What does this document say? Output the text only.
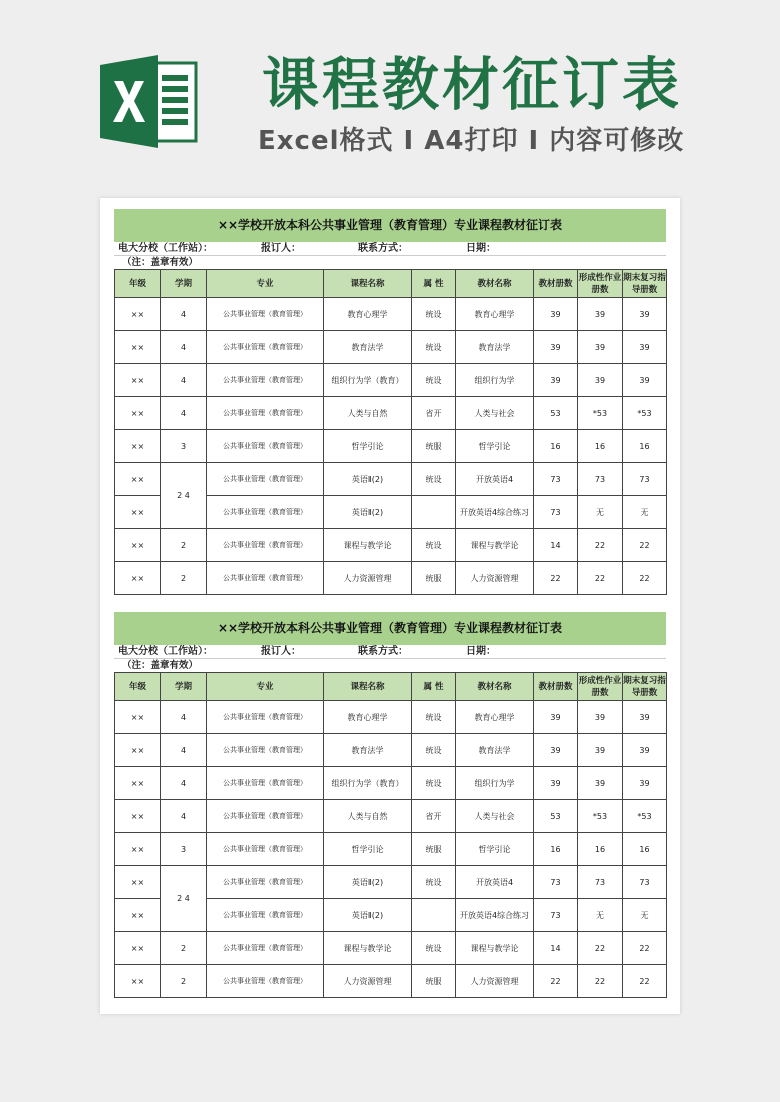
课程教材征订表
Excel格式 I A4打印 I 内容可修改
××学校开放本科公共事业管理（教育管理）专业课程教材征订表
电大分校（工作站）：	报订人：	联系方式：	日期：
（注：盖章有效）
年级	学期	专业	课程名称	属 性	教材名称	教材册数	形成性作业册数	期末复习指导册数
××	4	公共事业管理（教育管理）	教育心理学	统设	教育心理学	39	39	39
××	4	公共事业管理（教育管理）	教育法学	统设	教育法学	39	39	39
××	4	公共事业管理（教育管理）	组织行为学（教育）	统设	组织行为学	39	39	39
××	4	公共事业管理（教育管理）	人类与自然	省开	人类与社会	53	*53	*53
××	3	公共事业管理（教育管理）	哲学引论	统服	哲学引论	16	16	16
××	2 4	公共事业管理（教育管理）	英语Ⅱ(2)	统设	开放英语4	73	73	73
××		公共事业管理（教育管理）	英语Ⅱ(2)		开放英语4综合练习	73	无	无
××	2	公共事业管理（教育管理）	课程与教学论	统设	课程与教学论	14	22	22
××	2	公共事业管理（教育管理）	人力资源管理	统服	人力资源管理	22	22	22
××学校开放本科公共事业管理（教育管理）专业课程教材征订表
电大分校（工作站）：	报订人：	联系方式：	日期：
（注：盖章有效）
年级	学期	专业	课程名称	属 性	教材名称	教材册数	形成性作业册数	期末复习指导册数
××	4	公共事业管理（教育管理）	教育心理学	统设	教育心理学	39	39	39
××	4	公共事业管理（教育管理）	教育法学	统设	教育法学	39	39	39
××	4	公共事业管理（教育管理）	组织行为学（教育）	统设	组织行为学	39	39	39
××	4	公共事业管理（教育管理）	人类与自然	省开	人类与社会	53	*53	*53
××	3	公共事业管理（教育管理）	哲学引论	统服	哲学引论	16	16	16
××	2 4	公共事业管理（教育管理）	英语Ⅱ(2)	统设	开放英语4	73	73	73
××		公共事业管理（教育管理）	英语Ⅱ(2)		开放英语4综合练习	73	无	无
××	2	公共事业管理（教育管理）	课程与教学论	统设	课程与教学论	14	22	22
××	2	公共事业管理（教育管理）	人力资源管理	统服	人力资源管理	22	22	22
